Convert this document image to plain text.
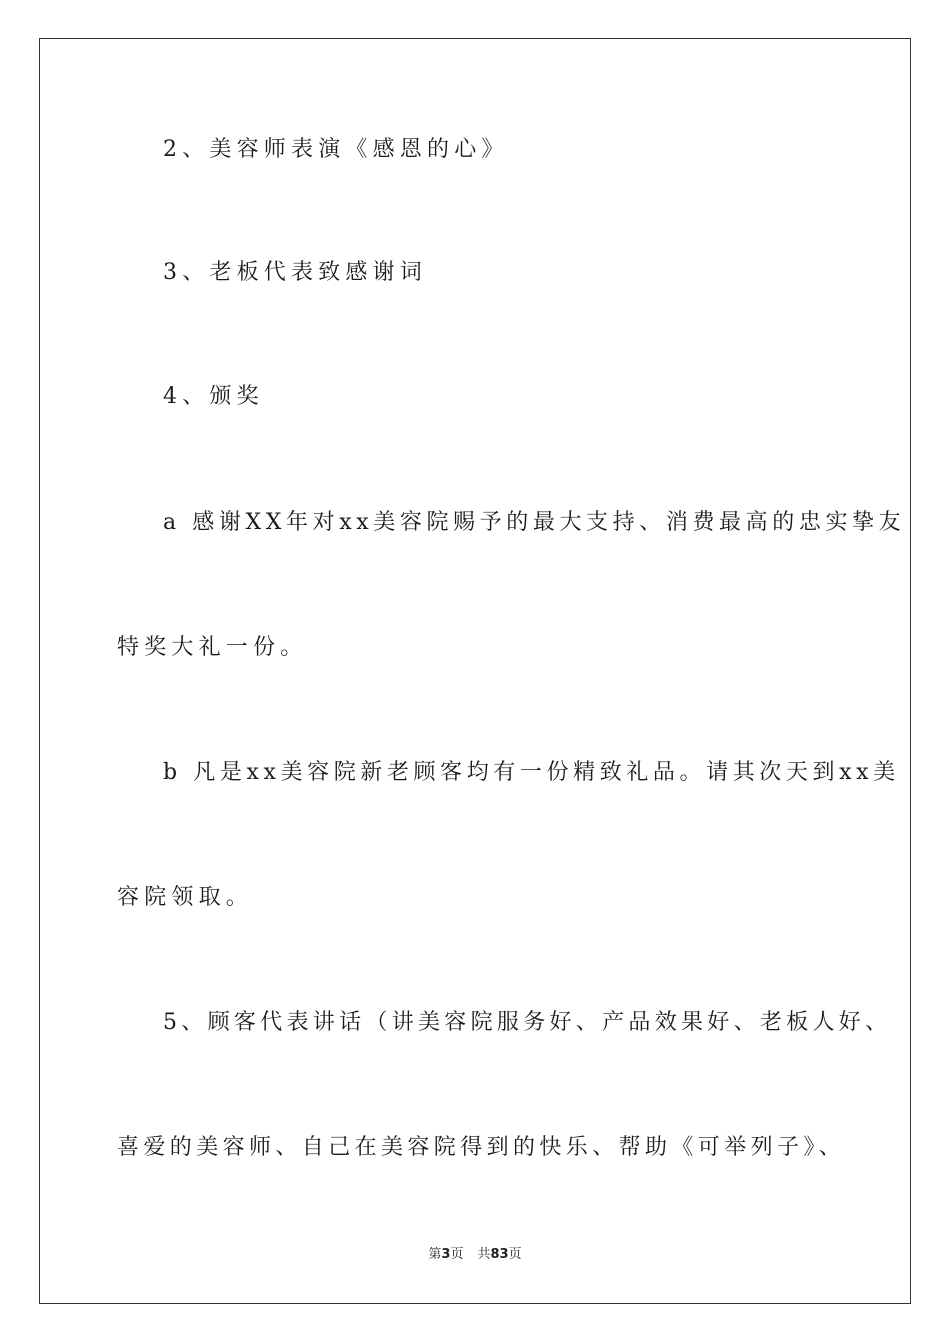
2、美容师表演《感恩的心》
3、老板代表致感谢词
4、颁奖
a 感谢XX年对xx美容院赐予的最大支持、消费最高的忠实挚友
特奖大礼一份。
b 凡是xx美容院新老顾客均有一份精致礼品。请其次天到xx美
容院领取。
5、顾客代表讲话（讲美容院服务好、产品效果好、老板人好、
喜爱的美容师、自己在美容院得到的快乐、帮助《可举列子》、
第3页 共83页
